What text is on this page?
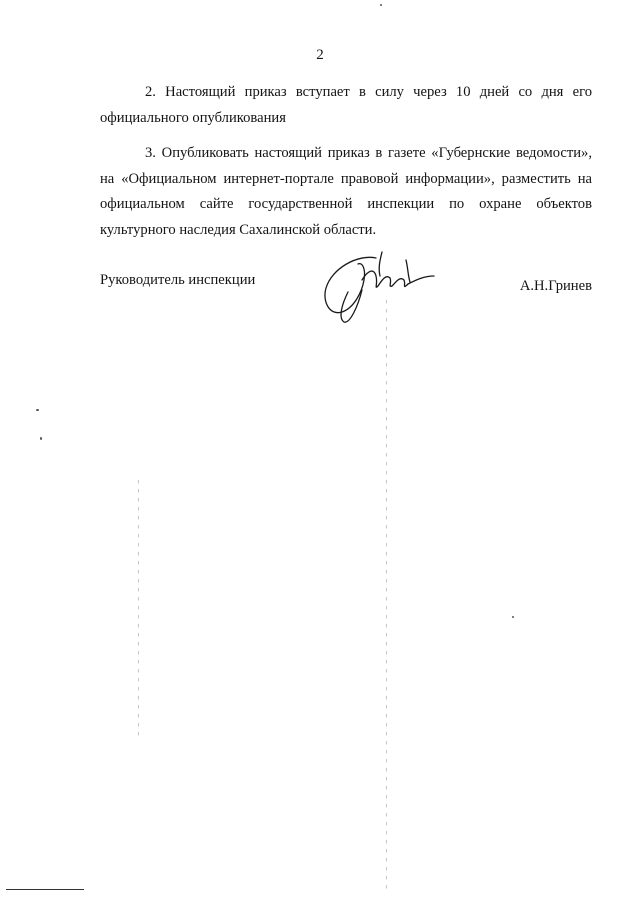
2

2. Настоящий приказ вступает в силу через 10 дней со дня его официального опубликования

3. Опубликовать настоящий приказ в газете «Губернские ведомости», на «Официальном интернет-портале правовой информации», разместить на официальном сайте государственной инспекции по охране объектов культурного наследия Сахалинской области.

Руководитель инспекции	А.Н.Гринев
